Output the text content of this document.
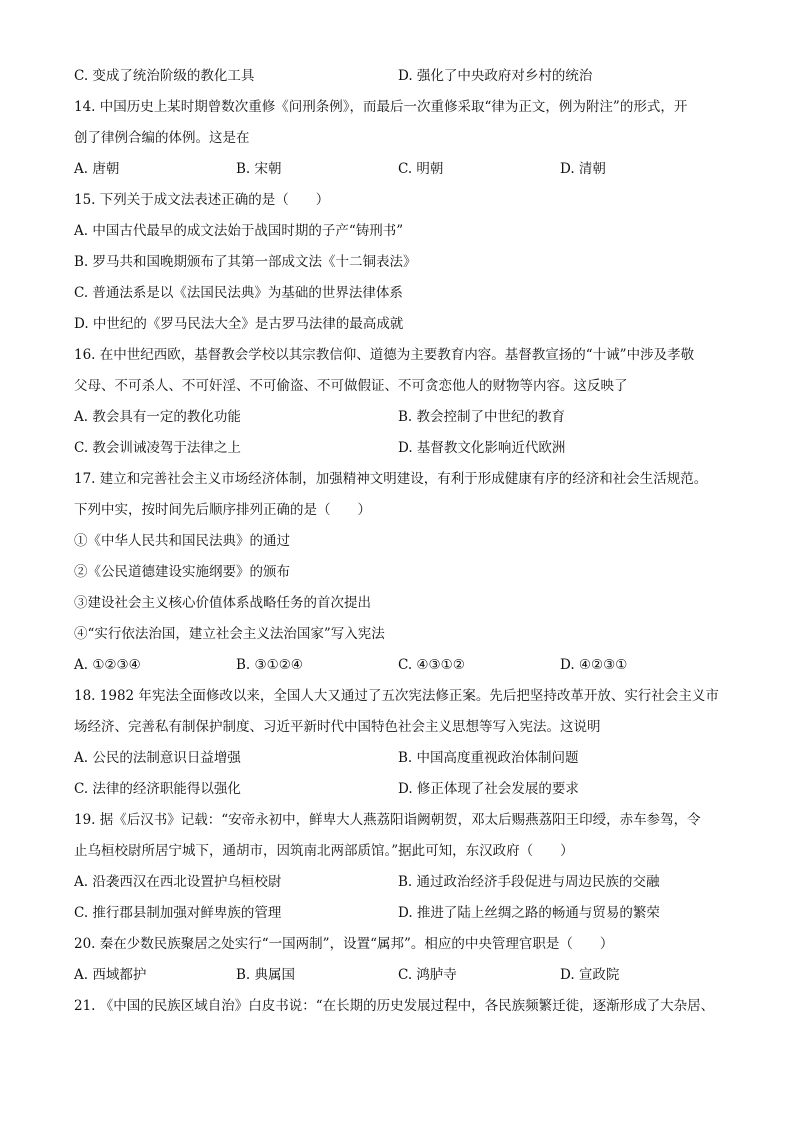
C. 变成了统治阶级的教化工具	D. 强化了中央政府对乡村的统治
14. 中国历史上某时期曾数次重修《问刑条例》，而最后一次重修采取“律为正文，例为附注”的形式，开
创了律例合编的体例。这是在
A. 唐朝	B. 宋朝	C. 明朝	D. 清朝
15. 下列关于成文法表述正确的是（　　）
A. 中国古代最早的成文法始于战国时期的子产“铸刑书”
B. 罗马共和国晚期颁布了其第一部成文法《十二铜表法》
C. 普通法系是以《法国民法典》为基础的世界法律体系
D. 中世纪的《罗马民法大全》是古罗马法律的最高成就
16. 在中世纪西欧，基督教会学校以其宗教信仰、道德为主要教育内容。基督教宣扬的“十诫”中涉及孝敬
父母、不可杀人、不可奸淫、不可偷盗、不可做假证、不可贪恋他人的财物等内容。这反映了
A. 教会具有一定的教化功能	B. 教会控制了中世纪的教育
C. 教会训诫凌驾于法律之上	D. 基督教文化影响近代欧洲
17. 建立和完善社会主义市场经济体制，加强精神文明建设，有利于形成健康有序的经济和社会生活规范。
下列中实，按时间先后顺序排列正确的是（　　）
①《中华人民共和国民法典》的通过
②《公民道德建设实施纲要》的颁布
③建设社会主义核心价值体系战略任务的首次提出
④“实行依法治国，建立社会主义法治国家”写入宪法
A. ①②③④	B. ③①②④	C. ④③①②	D. ④②③①
18. 1982 年宪法全面修改以来，全国人大又通过了五次宪法修正案。先后把坚持改革开放、实行社会主义市
场经济、完善私有制保护制度、习近平新时代中国特色社会主义思想等写入宪法。这说明
A. 公民的法制意识日益增强	B. 中国高度重视政治体制问题
C. 法律的经济职能得以强化	D. 修正体现了社会发展的要求
19. 据《后汉书》记载：“安帝永初中，鲜卑大人燕荔阳诣阙朝贺，邓太后赐燕荔阳王印绶，赤车参驾，令
止乌桓校尉所居宁城下，通胡市，因筑南北两部质馆。”据此可知，东汉政府（　　）
A. 沿袭西汉在西北设置护乌桓校尉	B. 通过政治经济手段促进与周边民族的交融
C. 推行郡县制加强对鲜卑族的管理	D. 推进了陆上丝绸之路的畅通与贸易的繁荣
20. 秦在少数民族聚居之处实行“一国两制”，设置“属邦”。相应的中央管理官职是（　　）
A. 西域都护	B. 典属国	C. 鸿胪寺	D. 宣政院
21. 《中国的民族区域自治》白皮书说：“在长期的历史发展过程中，各民族频繁迁徙，逐渐形成了大杂居、
